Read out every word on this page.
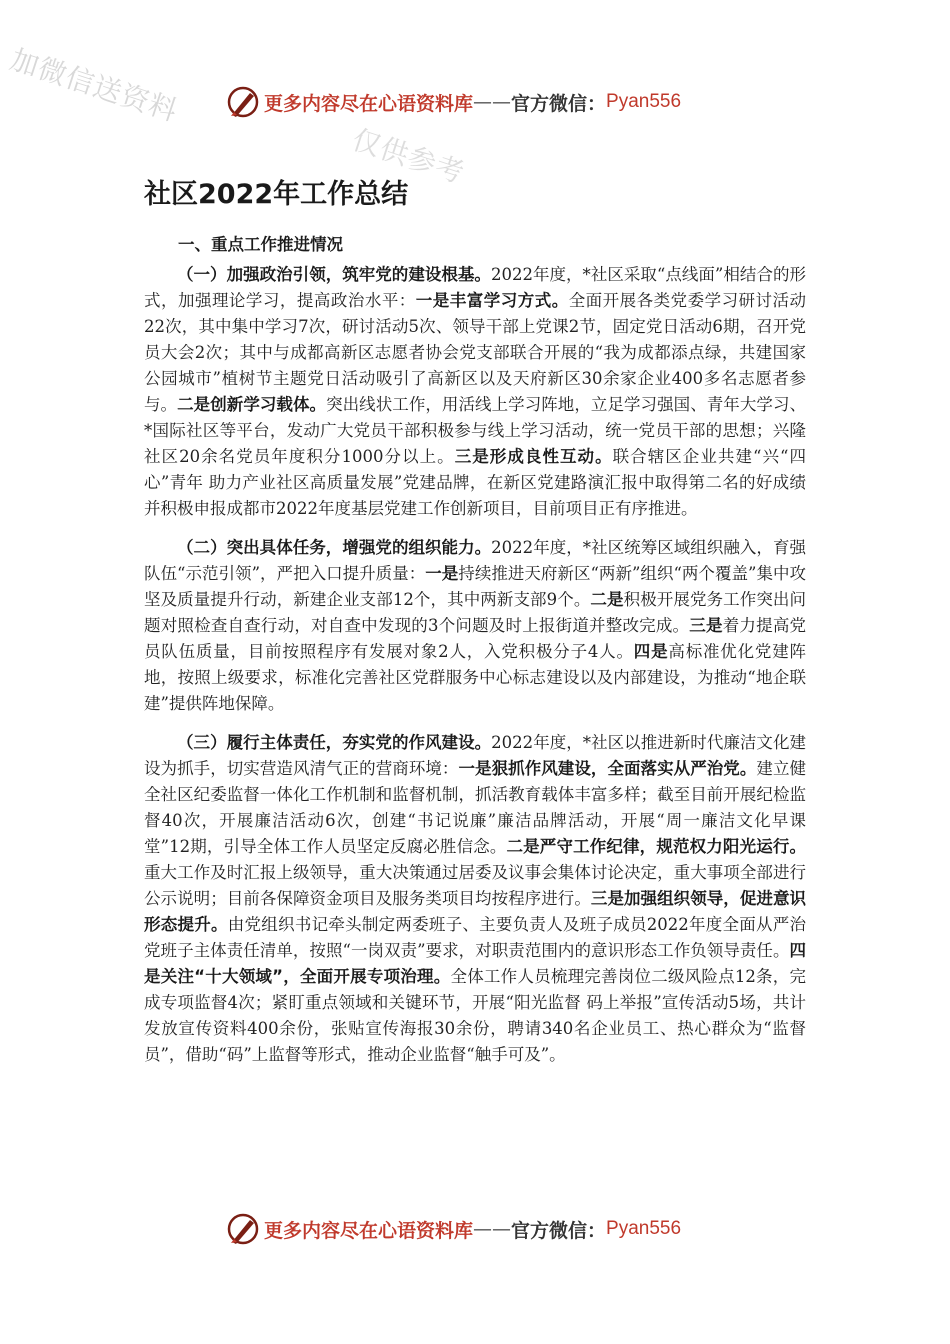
加微信送资料
仅供参考
更多内容尽在心语资料库 —— 官方微信： Pyan556
社区2022年工作总结
一、重点工作推进情况

（一）加强政治引领，筑牢党的建设根基。2022年度，*社区采取“点线面”相结合的形式，加强理论学习，提高政治水平：一是丰富学习方式。全面开展各类党委学习研讨活动22次，其中集中学习7次，研讨活动5次、领导干部上党课2节，固定党日活动6期，召开党员大会2次；其中与成都高新区志愿者协会党支部联合开展的“我为成都添点绿，共建国家公园城市”植树节主题党日活动吸引了高新区以及天府新区30余家企业400多名志愿者参与。二是创新学习载体。突出线状工作，用活线上学习阵地，立足学习强国、青年大学习、*国际社区等平台，发动广大党员干部积极参与线上学习活动，统一党员干部的思想；兴隆社区20余名党员年度积分1000分以上。三是形成良性互动。联合辖区企业共建“兴“四心”青年 助力产业社区高质量发展”党建品牌，在新区党建路演汇报中取得第二名的好成绩并积极申报成都市2022年度基层党建工作创新项目，目前项目正有序推进。

（二）突出具体任务，增强党的组织能力。2022年度，*社区统筹区域组织融入，育强队伍“示范引领”，严把入口提升质量：一是持续推进天府新区“两新”组织“两个覆盖”集中攻坚及质量提升行动，新建企业支部12个，其中两新支部9个。二是积极开展党务工作突出问题对照检查自查行动，对自查中发现的3个问题及时上报街道并整改完成。三是着力提高党员队伍质量，目前按照程序有发展对象2人，入党积极分子4人。四是高标准优化党建阵地，按照上级要求，标准化完善社区党群服务中心标志建设以及内部建设，为推动“地企联建”提供阵地保障。

（三）履行主体责任，夯实党的作风建设。2022年度，*社区以推进新时代廉洁文化建设为抓手，切实营造风清气正的营商环境：一是狠抓作风建设，全面落实从严治党。建立健全社区纪委监督一体化工作机制和监督机制，抓活教育载体丰富多样；截至目前开展纪检监督40次，开展廉洁活动6次，创建“书记说廉”廉洁品牌活动，开展“周一廉洁文化早课堂”12期，引导全体工作人员坚定反腐必胜信念。二是严守工作纪律，规范权力阳光运行。重大工作及时汇报上级领导，重大决策通过居委及议事会集体讨论决定，重大事项全部进行公示说明；目前各保障资金项目及服务类项目均按程序进行。三是加强组织领导，促进意识形态提升。由党组织书记牵头制定两委班子、主要负责人及班子成员2022年度全面从严治党班子主体责任清单，按照“一岗双责”要求，对职责范围内的意识形态工作负领导责任。四是关注“十大领域”，全面开展专项治理。全体工作人员梳理完善岗位二级风险点12条，完成专项监督4次；紧盯重点领域和关键环节，开展“阳光监督 码上举报”宣传活动5场，共计发放宣传资料400余份，张贴宣传海报30余份，聘请340名企业员工、热心群众为“监督员”，借助“码”上监督等形式，推动企业监督“触手可及”。

更多内容尽在心语资料库 —— 官方微信： Pyan556
